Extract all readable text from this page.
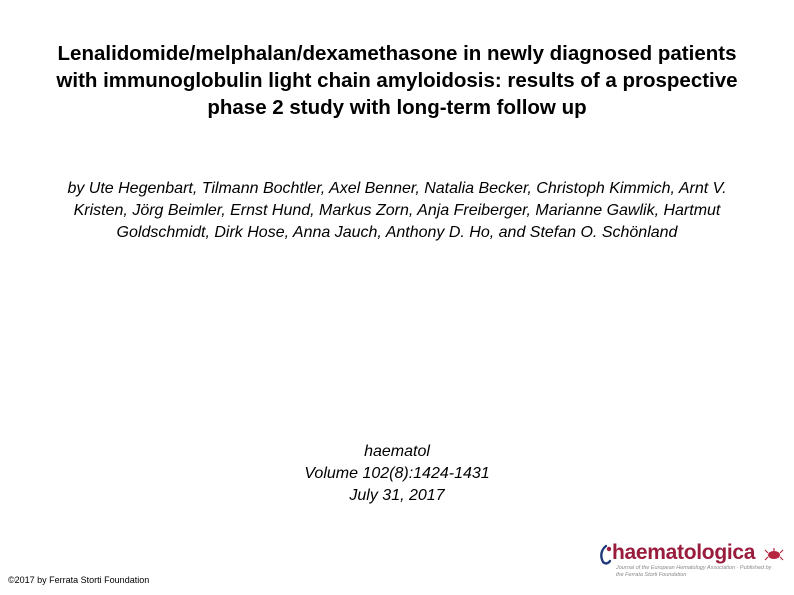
Lenalidomide/melphalan/dexamethasone in newly diagnosed patients with immunoglobulin light chain amyloidosis: results of a prospective phase 2 study with long-term follow up
by Ute Hegenbart, Tilmann Bochtler, Axel Benner, Natalia Becker, Christoph Kimmich, Arnt V. Kristen, Jörg Beimler, Ernst Hund, Markus Zorn, Anja Freiberger, Marianne Gawlik, Hartmut Goldschmidt, Dirk Hose, Anna Jauch, Anthony D. Ho, and Stefan O. Schönland
haematol
Volume 102(8):1424-1431
July 31, 2017
©2017 by Ferrata Storti Foundation
haematologica
Journal of the European Hematology Association · Published by the Ferrata Storti Foundation
